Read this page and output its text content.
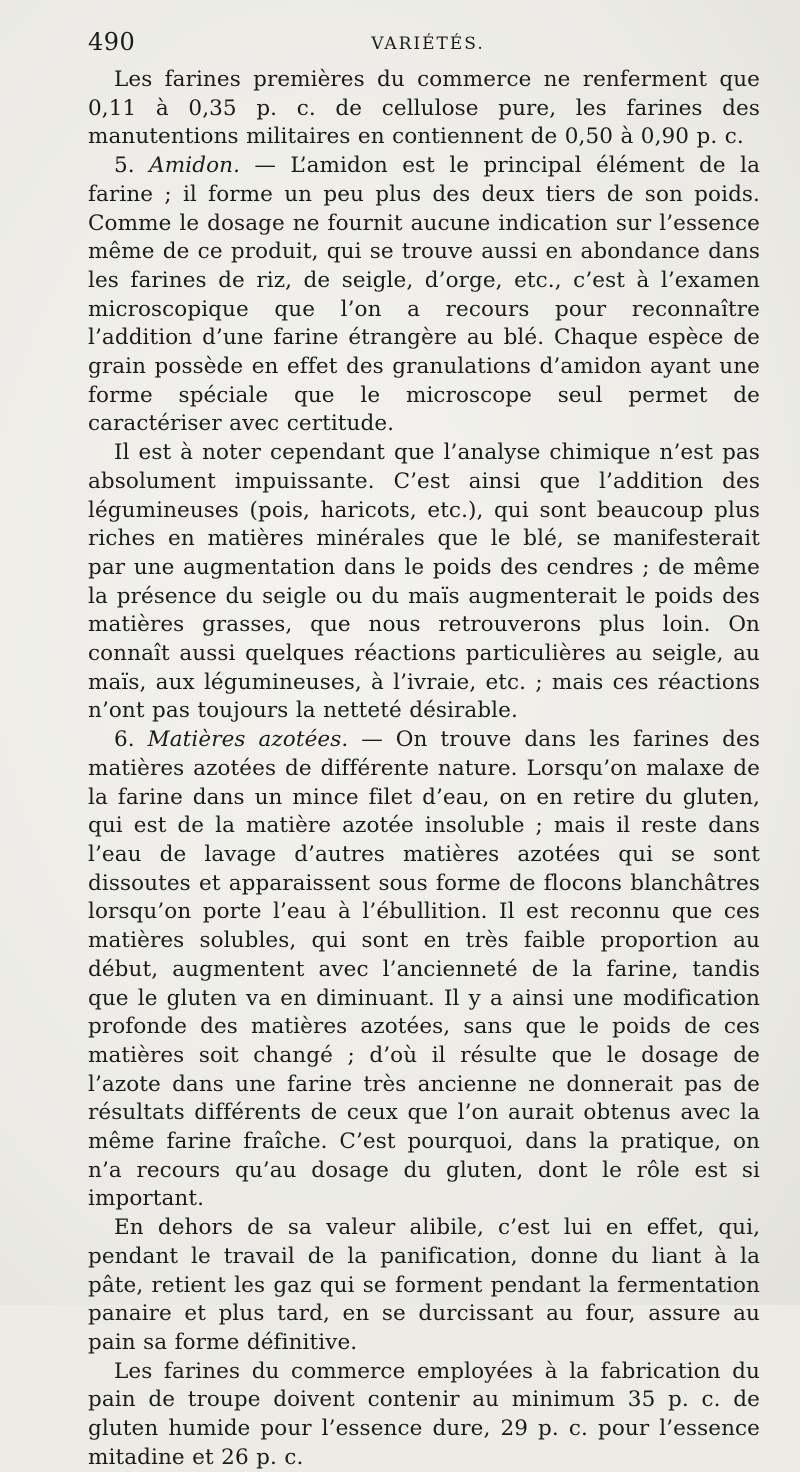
490	VARIÉTÉS.

Les farines premières du commerce ne renferment que 0,11 à 0,35 p. c. de cellulose pure, les farines des manutentions militaires en contiennent de 0,50 à 0,90 p. c.

5. Amidon. — L’amidon est le principal élément de la farine ; il forme un peu plus des deux tiers de son poids. Comme le dosage ne fournit aucune indication sur l’essence même de ce produit, qui se trouve aussi en abondance dans les farines de riz, de seigle, d’orge, etc., c’est à l’examen microscopique que l’on a recours pour reconnaître l’addition d’une farine étrangère au blé. Chaque espèce de grain possède en effet des granulations d’amidon ayant une forme spéciale que le microscope seul permet de caractériser avec certitude.

Il est à noter cependant que l’analyse chimique n’est pas absolument impuissante. C’est ainsi que l’addition des légumineuses (pois, haricots, etc.), qui sont beaucoup plus riches en matières minérales que le blé, se manifesterait par une augmentation dans le poids des cendres ; de même la présence du seigle ou du maïs augmenterait le poids des matières grasses, que nous retrouverons plus loin. On connaît aussi quelques réactions particulières au seigle, au maïs, aux légumineuses, à l’ivraie, etc. ; mais ces réactions n’ont pas toujours la netteté désirable.

6. Matières azotées. — On trouve dans les farines des matières azotées de différente nature. Lorsqu’on malaxe de la farine dans un mince filet d’eau, on en retire du gluten, qui est de la matière azotée insoluble ; mais il reste dans l’eau de lavage d’autres matières azotées qui se sont dissoutes et apparaissent sous forme de flocons blanchâtres lorsqu’on porte l’eau à l’ébullition. Il est reconnu que ces matières solubles, qui sont en très faible proportion au début, augmentent avec l’ancienneté de la farine, tandis que le gluten va en diminuant. Il y a ainsi une modification profonde des matières azotées, sans que le poids de ces matières soit changé ; d’où il résulte que le dosage de l’azote dans une farine très ancienne ne donnerait pas de résultats différents de ceux que l’on aurait obtenus avec la même farine fraîche. C’est pourquoi, dans la pratique, on n’a recours qu’au dosage du gluten, dont le rôle est si important.

En dehors de sa valeur alibile, c’est lui en effet, qui, pendant le travail de la panification, donne du liant à la pâte, retient les gaz qui se forment pendant la fermentation panaire et plus tard, en se durcissant au four, assure au pain sa forme définitive.

Les farines du commerce employées à la fabrication du pain de troupe doivent contenir au minimum 35 p. c. de gluten humide pour l’essence dure, 29 p. c. pour l’essence mitadine et 26 p. c.
